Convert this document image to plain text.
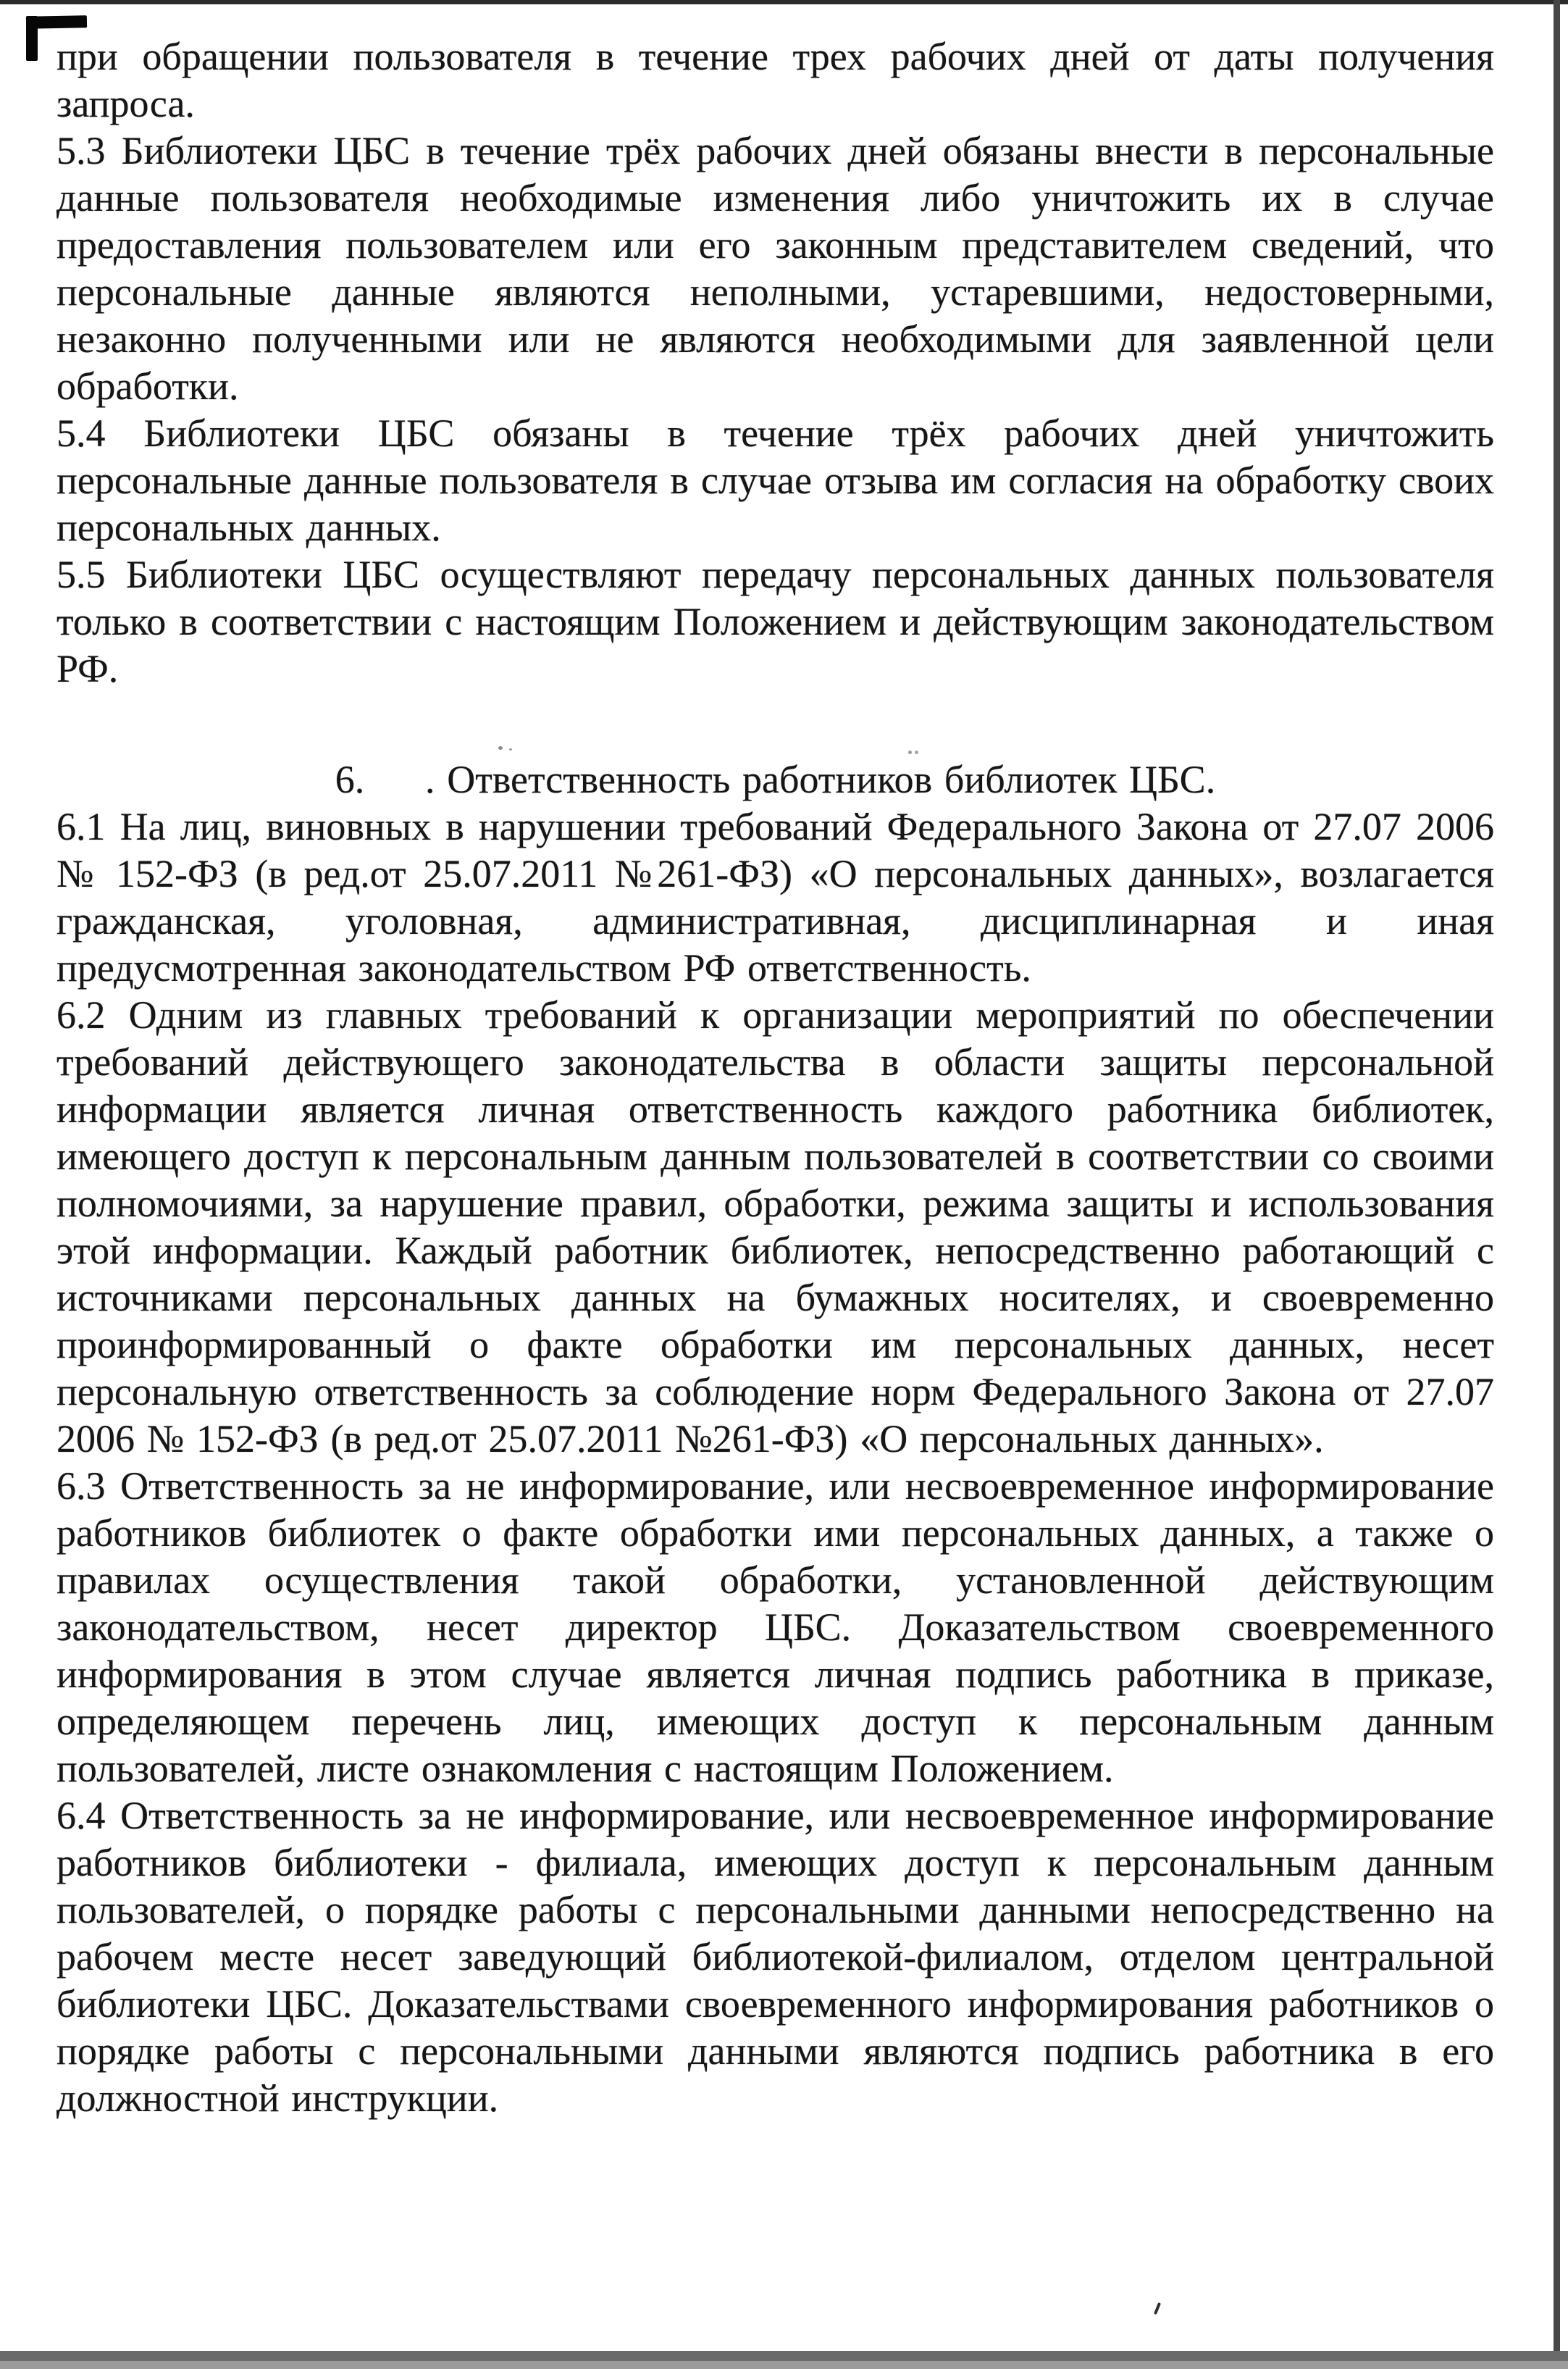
при обращении пользователя в течение трех рабочих дней от даты получения запроса.

5.3 Библиотеки ЦБС в течение трёх рабочих дней обязаны внести в персональные данные пользователя необходимые изменения либо уничтожить их в случае предоставления пользователем или его законным представителем сведений, что персональные данные являются неполными, устаревшими, недостоверными, незаконно полученными или не являются необходимыми для заявленной цели обработки.

5.4 Библиотеки ЦБС обязаны в течение трёх рабочих дней уничтожить персональные данные пользователя в случае отзыва им согласия на обработку своих персональных данных.

5.5 Библиотеки ЦБС осуществляют передачу персональных данных пользователя только в соответствии с настоящим Положением и действующим законодательством РФ.

6.     . Ответственность работников библиотек ЦБС.

6.1 На лиц, виновных в нарушении требований Федерального Закона от 27.07 2006 № 152-ФЗ (в ред.от 25.07.2011 №261-ФЗ) «О персональных данных», возлагается гражданская, уголовная, административная, дисциплинарная и иная предусмотренная законодательством РФ ответственность.

6.2 Одним из главных требований к организации мероприятий по обеспечении требований действующего законодательства в области защиты персональной информации является личная ответственность каждого работника библиотек, имеющего доступ к персональным данным пользователей в соответствии со своими полномочиями, за нарушение правил, обработки, режима защиты и использования этой информации. Каждый работник библиотек, непосредственно работающий с источниками персональных данных на бумажных носителях, и своевременно проинформированный о факте обработки им персональных данных, несет персональную ответственность за соблюдение норм Федерального Закона от 27.07 2006 № 152-ФЗ (в ред.от 25.07.2011 №261-ФЗ) «О персональных данных».

6.3 Ответственность за не информирование, или несвоевременное информирование работников библиотек о факте обработки ими персональных данных, а также о правилах осуществления такой обработки, установленной действующим законодательством, несет директор ЦБС. Доказательством своевременного информирования в этом случае является личная подпись работника в приказе, определяющем перечень лиц, имеющих доступ к персональным данным пользователей, листе ознакомления с настоящим Положением.

6.4 Ответственность за не информирование, или несвоевременное информирование работников библиотеки - филиала, имеющих доступ к персональным данным пользователей, о порядке работы с персональными данными непосредственно на рабочем месте несет заведующий библиотекой-филиалом, отделом центральной библиотеки ЦБС. Доказательствами своевременного информирования работников о порядке работы с персональными данными являются подпись работника в его должностной инструкции.
